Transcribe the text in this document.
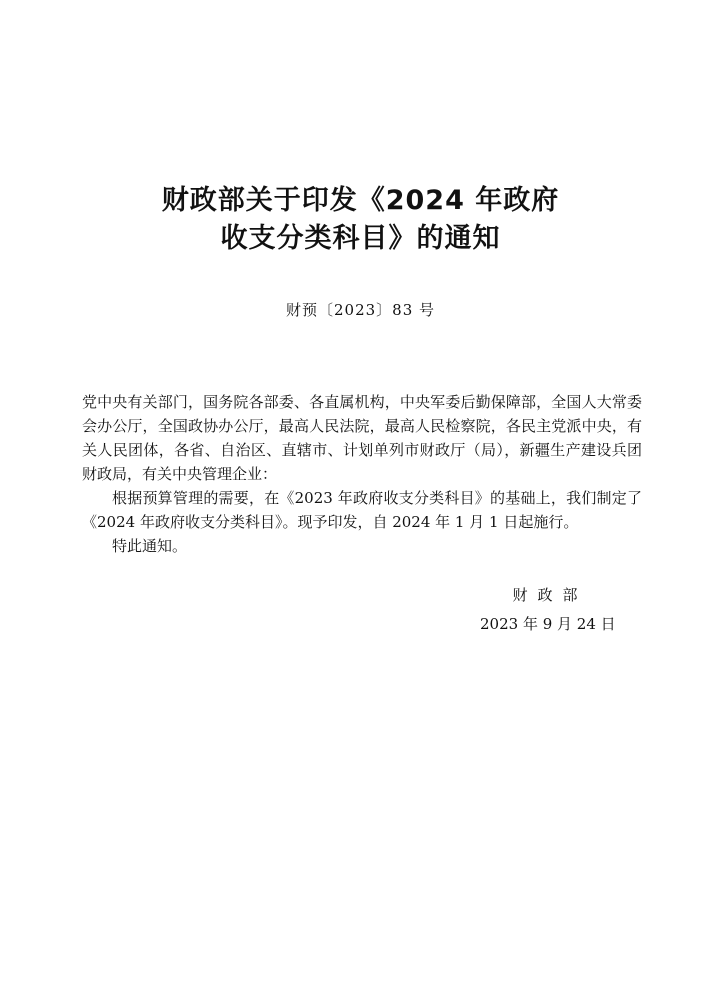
财政部关于印发《2024 年政府
收支分类科目》的通知
财预〔2023〕83 号

党中央有关部门，国务院各部委、各直属机构，中央军委后勤保障部，全国人大常委会办公厅，全国政协办公厅，最高人民法院，最高人民检察院，各民主党派中央，有关人民团体，各省、自治区、直辖市、计划单列市财政厅（局），新疆生产建设兵团财政局，有关中央管理企业：

根据预算管理的需要，在《2023 年政府收支分类科目》的基础上，我们制定了《2024 年政府收支分类科目》。现予印发，自 2024 年 1 月 1 日起施行。

特此通知。

财政部
2023 年 9 月 24 日
